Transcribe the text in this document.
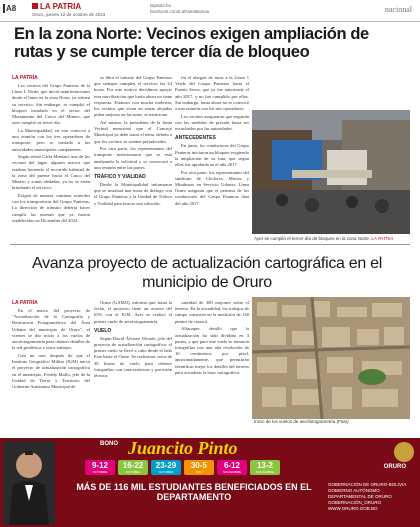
A8	LA PATRIA
Oruro, jueves 12 de octubre de 2023
lapatria.bo
facebook.com/LaPatriaBolivia	nacional
En la zona Norte: Vecinos exigen ampliación de rutas y se cumple tercer día de bloqueo
LA PATRIA

Los vecinos del Grupo Panteras de la Línea L Verde, que inició manifestaciones desde el lunes en la zona Norte, ya reúnen su servicio. Sin embargo, se cumplió el bloqueo instalado en el sector del Monumento del Casco del Minero, que ayer cumplió su tercer día.

La Municipalidad, en otra convocó a una reunión con los tres operadores de transporte, pero se trasladó a las autoridades municipales competentes.

Según relató Carla Mamani, uno de los vecinos del lugar, algunos micros que estaban haciendo el recorrido habitual de la zona del puente hacia el Casco del Minero y zonas aledañas, ya no se están brindando el servicio.

Exigen de manera continua acuerdos con los transportistas del Grupo Panteras. La dirección de tránsito debería hacer cumplir las normas que ya fueron establecidas en Diciembre del 2022.

se libra el tránsito del Grupo Panteras que siempre cumplen el servicio las 24 horas. Por este motivo decidimos apoyar esta movilización que hasta ahora no tiene respuesta. Estamos con mucha molestia, los vecinos que viven en zonas alejadas piden mejoras en las rutas; se mencionó.

Así mismo, la presidenta de la Junta Vecinal mencionó que el Concejo Municipal ya debe tratar el tema, debido a que los vecinos se sienten perjudicados.

Por otra parte, los representantes del transporte mencionaron que se está analizando la solicitud y se convocará a una reunión entre las partes.

TRÁFICO Y VIALIDAD

Desde la Municipalidad informaron que se instalará una mesa de diálogo con el Grupo Panteras y la Unidad de Tráfico y Vialidad para buscar una solución.

fin el alargue de rutas a la Línea 1 Verde del Grupo Panteras hasta el Puente Sesos, que ya fue autorizado el año 2017, y no fue cumplido por ellos. Sin embargo, hasta ahora no se convocó a una reunión con los tres operadores.

Los vecinos aseguraron que seguirán con las medidas de presión hasta ser escuchados por las autoridades.

ANTECEDENTES

En junio, los conductores del Grupo Panteras iniciaron un bloqueo exigiendo la ampliación de su ruta, que según ellos fue aprobada en el año 2017.

Por otra parte, los representantes del sindicato de Choferes, Mixtos y Minibuses en Servicio Urbano, Línea Oruro aseguran que el permiso de los conductores del Grupo Panteras data del año 2017.

Ayer se cumplió el tercer día de bloqueo en la zona Norte. LA PATRIA
Avanza proyecto de actualización cartográfica en el municipio de Oruro
LA PATRIA

En el marco del proyecto de "Actualización de la Cartografía y Restitución Fotogramétrica del Área Urbana del municipio de Oruro", el viernes se dio inicio a los vuelos de aerofotogrametría para obtener detalles de la red geodésica y otros trabajos.

Casi un mes después de que el Instituto Geográfico Militar (IGM) inició el proyecto de actualización cartográfica en el municipio, Freddy Mollo, jefe de la Unidad de Tierra y Territorio del Gobierno Autónomo Municipal de

Oruro (GAMO), informó que, hasta la fecha, el proyecto tiene un avance del 65% con el IGM. Ayer se realizó el primer vuelo de aerofotogrametría.

VUELO

Según David Álvarez Velarde, jefe del proyecto de actualización cartográfica, el primer vuelo se llevó a cabo desde el lado Este hasta el Oeste. Se realizaron cerca de 30 líneas de vuelo para obtener fotografías con características y precisión técnica.

cantidad de 300 mojones sobre el terreno. En la actualidad, los trabajos de campo consisten en la medición de 140 puntos de control.

Alfaraque, detalló que la actualización ha sido dividida en 3 partes, y que para este vuelo se tomaron fotografías con una alta resolución de 10 centímetros por píxel, aproximadamente, que permitirán identificar mejor los detalles del terreno para actualizar la base cartográfica.

Inicio de los vuelos de aerofotogrametría (Foto)
BONO Juancito Pinto
9-12
OCTUBRE
16-22
OCTUBRE
23-29
OCTUBRE
30-5
NOV
6-12
NOVIEMBRE
13-2
NOVIEMBRE
MÁS DE 116 MIL ESTUDIANTES BENEFICIADOS EN EL DEPARTAMENTO
ORURO
GOBERNACIÓN DE ORURO-BOLIVIA
GOBIERNO AUTÓNOMO DEPARTAMENTAL DE ORURO
GOBERNACIÓN_ORURO
WWW.ORURO.GOB.BO
